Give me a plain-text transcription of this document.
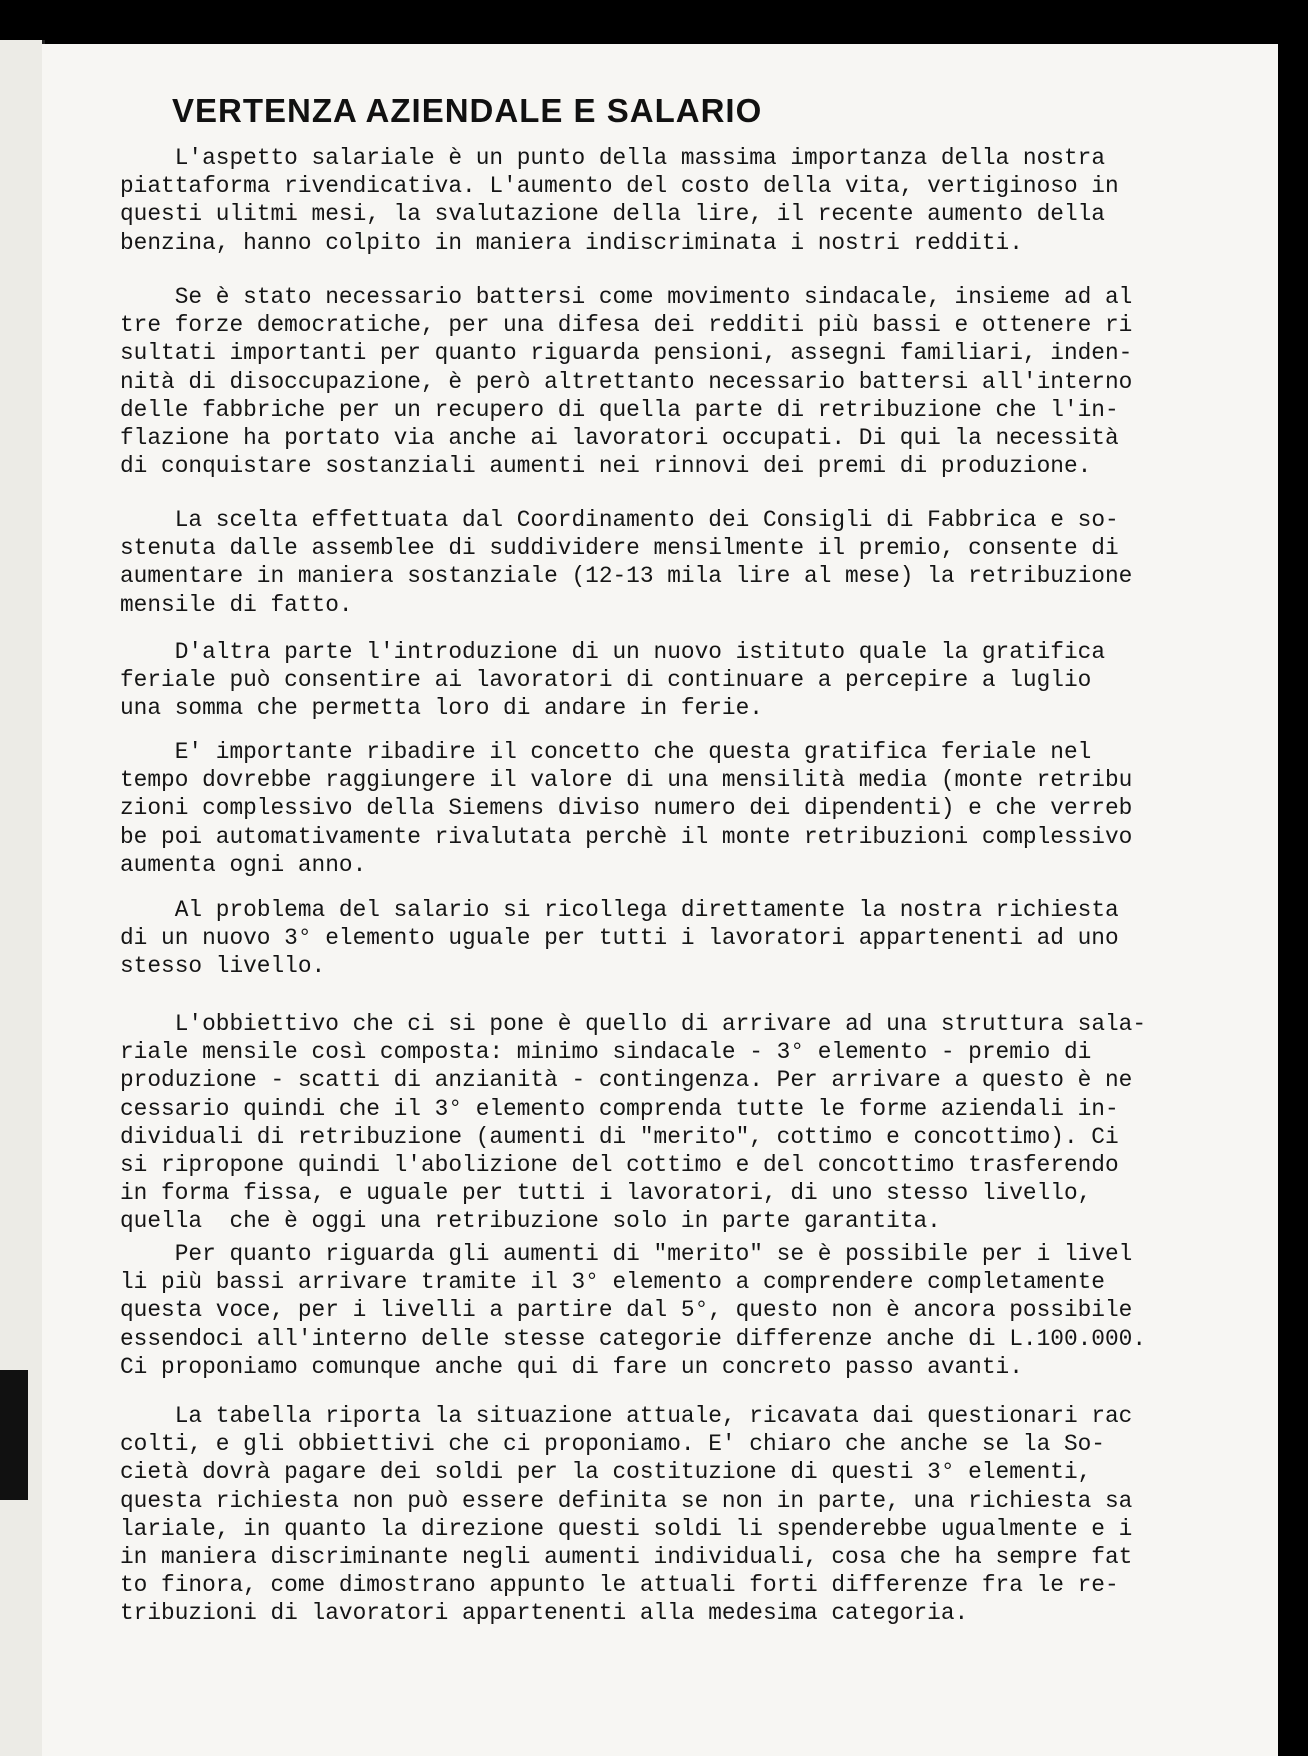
VERTENZA AZIENDALE E SALARIO

L'aspetto salariale è un punto della massima importanza della nostra
piattaforma rivendicativa. L'aumento del costo della vita, vertiginoso in
questi ulitmi mesi, la svalutazione della lire, il recente aumento della
benzina, hanno colpito in maniera indiscriminata i nostri redditi.

Se è stato necessario battersi come movimento sindacale, insieme ad al
tre forze democratiche, per una difesa dei redditi più bassi e ottenere ri
sultati importanti per quanto riguarda pensioni, assegni familiari, inden-
nità di disoccupazione, è però altrettanto necessario battersi all'interno
delle fabbriche per un recupero di quella parte di retribuzione che l'in-
flazione ha portato via anche ai lavoratori occupati. Di qui la necessità
di conquistare sostanziali aumenti nei rinnovi dei premi di produzione.

La scelta effettuata dal Coordinamento dei Consigli di Fabbrica e so-
stenuta dalle assemblee di suddividere mensilmente il premio, consente di
aumentare in maniera sostanziale (12-13 mila lire al mese) la retribuzione
mensile di fatto.

D'altra parte l'introduzione di un nuovo istituto quale la gratifica
feriale può consentire ai lavoratori di continuare a percepire a luglio
una somma che permetta loro di andare in ferie.

E' importante ribadire il concetto che questa gratifica feriale nel
tempo dovrebbe raggiungere il valore di una mensilità media (monte retribu
zioni complessivo della Siemens diviso numero dei dipendenti) e che verreb
be poi automativamente rivalutata perchè il monte retribuzioni complessivo
aumenta ogni anno.

Al problema del salario si ricollega direttamente la nostra richiesta
di un nuovo 3° elemento uguale per tutti i lavoratori appartenenti ad uno
stesso livello.

L'obbiettivo che ci si pone è quello di arrivare ad una struttura sala-
riale mensile così composta: minimo sindacale - 3° elemento - premio di
produzione - scatti di anzianità - contingenza. Per arrivare a questo è ne
cessario quindi che il 3° elemento comprenda tutte le forme aziendali in-
dividuali di retribuzione (aumenti di "merito", cottimo e concottimo). Ci
si ripropone quindi l'abolizione del cottimo e del concottimo trasferendo
in forma fissa, e uguale per tutti i lavoratori, di uno stesso livello,
quella  che è oggi una retribuzione solo in parte garantita.

Per quanto riguarda gli aumenti di "merito" se è possibile per i livel
li più bassi arrivare tramite il 3° elemento a comprendere completamente
questa voce, per i livelli a partire dal 5°, questo non è ancora possibile
essendoci all'interno delle stesse categorie differenze anche di L.100.000.
Ci proponiamo comunque anche qui di fare un concreto passo avanti.

La tabella riporta la situazione attuale, ricavata dai questionari rac
colti, e gli obbiettivi che ci proponiamo. E' chiaro che anche se la So-
cietà dovrà pagare dei soldi per la costituzione di questi 3° elementi,
questa richiesta non può essere definita se non in parte, una richiesta sa
lariale, in quanto la direzione questi soldi li spenderebbe ugualmente e i
in maniera discriminante negli aumenti individuali, cosa che ha sempre fat
to finora, come dimostrano appunto le attuali forti differenze fra le re-
tribuzioni di lavoratori appartenenti alla medesima categoria.
